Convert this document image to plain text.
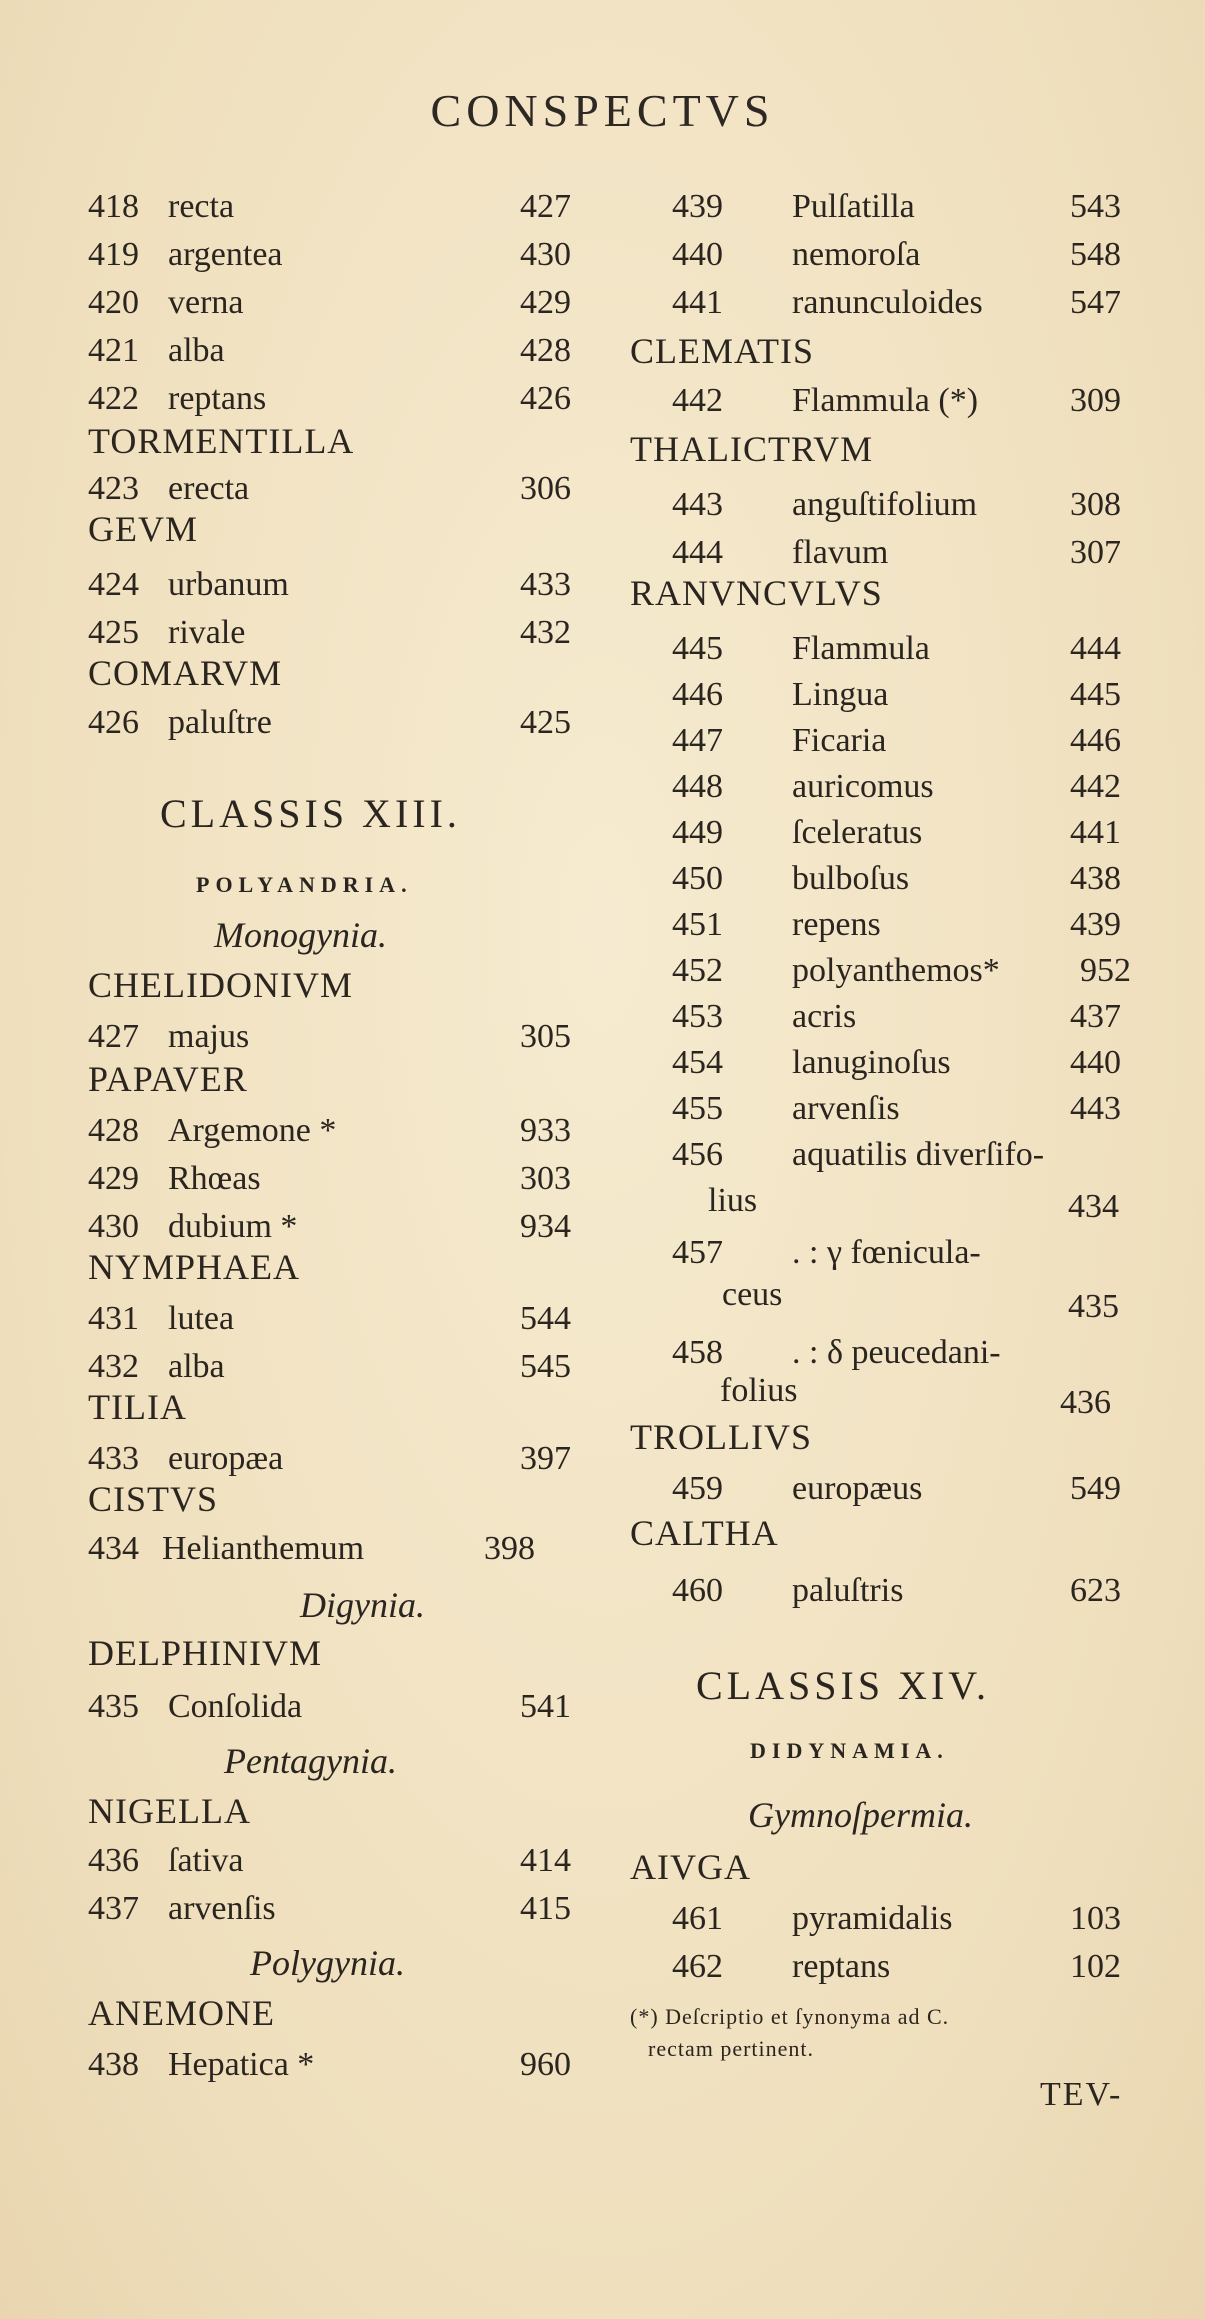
CONSPECTVS
418 recta	427
419 argentea	430
420 verna	429
421 alba	428
422 reptans	426
TORMENTILLA
423 erecta	306
GEVM
424 urbanum	433
425 rivale	432
COMARVM
426 paluſtre	425
CLASSIS XIII.
POLYANDRIA.
Monogynia.
CHELIDONIVM
427 majus	305
PAPAVER
428 Argemone *	933
429 Rhœas	303
430 dubium *	934
NYMPHAEA
431 lutea	544
432 alba	545
TILIA
433 europæa	397
CISTVS
434 Helianthemum	398
Digynia.
DELPHINIVM
435 Conſolida	541
Pentagynia.
NIGELLA
436 ſativa	414
437 arvenſis	415
Polygynia.
ANEMONE
438 Hepatica *	960
439 Pulſatilla	543
440 nemoroſa	548
441 ranunculoides	547
CLEMATIS
442 Flammula (*)	309
THALICTRVM
443 anguſtifolium	308
444 flavum	307
RANVNCVLVS
445 Flammula	444
446 Lingua	445
447 Ficaria	446
448 auricomus	442
449 ſceleratus	441
450 bulboſus	438
451 repens	439
452 polyanthemos* 952
453 acris	437
454 lanuginoſus	440
455 arvenſis	443
456 aquatilis diverſifo-
lius	434
457 . : γ fœnicula-
ceus	435
458 . : δ peucedani-
folius	436
TROLLIVS
459 europæus	549
CALTHA
460 paluſtris	623
CLASSIS XIV.
DIDYNAMIA.
Gymnoſpermia.
AIVGA
461 pyramidalis	103
462 reptans	102
(*) Deſcriptio et ſynonyma ad C.
rectam pertinent.
TEV-
